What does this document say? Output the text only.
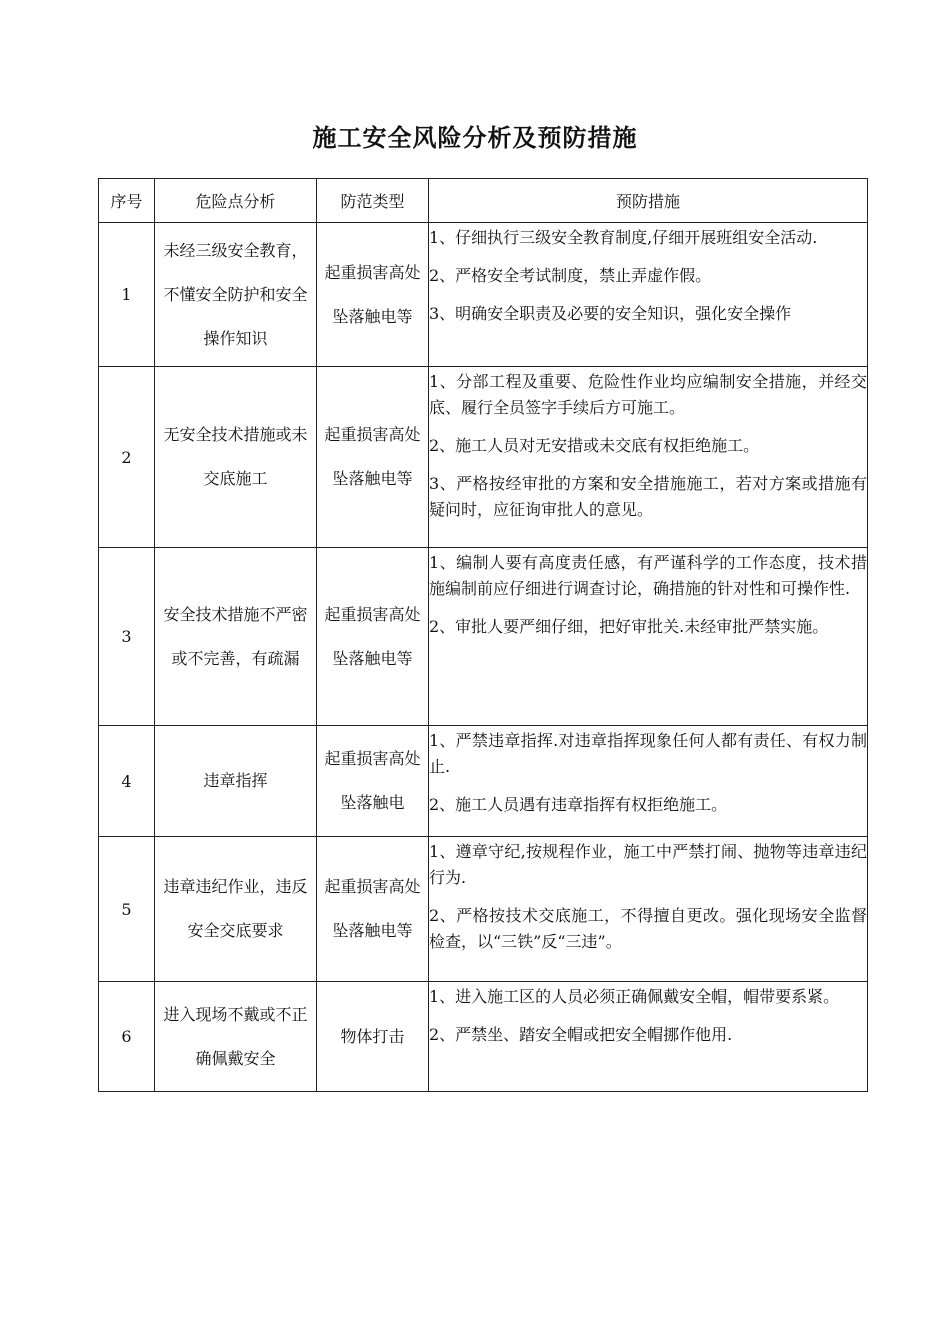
施工安全风险分析及预防措施
序号	危险点分析	防范类型	预防措施
1	未经三级安全教育，不懂安全防护和安全操作知识	起重损害高处坠落触电等	1、仔细执行三级安全教育制度,仔细开展班组安全活动.

2、严格安全考试制度，禁止弄虚作假。

3、明确安全职责及必要的安全知识，强化安全操作

2	无安全技术措施或未交底施工	起重损害高处坠落触电等	1、分部工程及重要、危险性作业均应编制安全措施，并经交底、履行全员签字手续后方可施工。

2、施工人员对无安措或未交底有权拒绝施工。

3、严格按经审批的方案和安全措施施工，若对方案或措施有疑问时，应征询审批人的意见。

3	安全技术措施不严密或不完善，有疏漏	起重损害高处坠落触电等	1、编制人要有高度责任感，有严谨科学的工作态度，技术措施编制前应仔细进行调查讨论，确措施的针对性和可操作性.

2、审批人要严细仔细，把好审批关.未经审批严禁实施。

4	违章指挥	起重损害高处坠落触电	1、严禁违章指挥.对违章指挥现象任何人都有责任、有权力制止.

2、施工人员遇有违章指挥有权拒绝施工。

5	违章违纪作业，违反安全交底要求	起重损害高处坠落触电等	1、遵章守纪,按规程作业，施工中严禁打闹、抛物等违章违纪行为.

2、严格按技术交底施工，不得擅自更改。强化现场安全监督检查，以“三铁”反“三违”。

6	进入现场不戴或不正确佩戴安全	物体打击	1、进入施工区的人员必须正确佩戴安全帽，帽带要系紧。

2、严禁坐、踏安全帽或把安全帽挪作他用.
